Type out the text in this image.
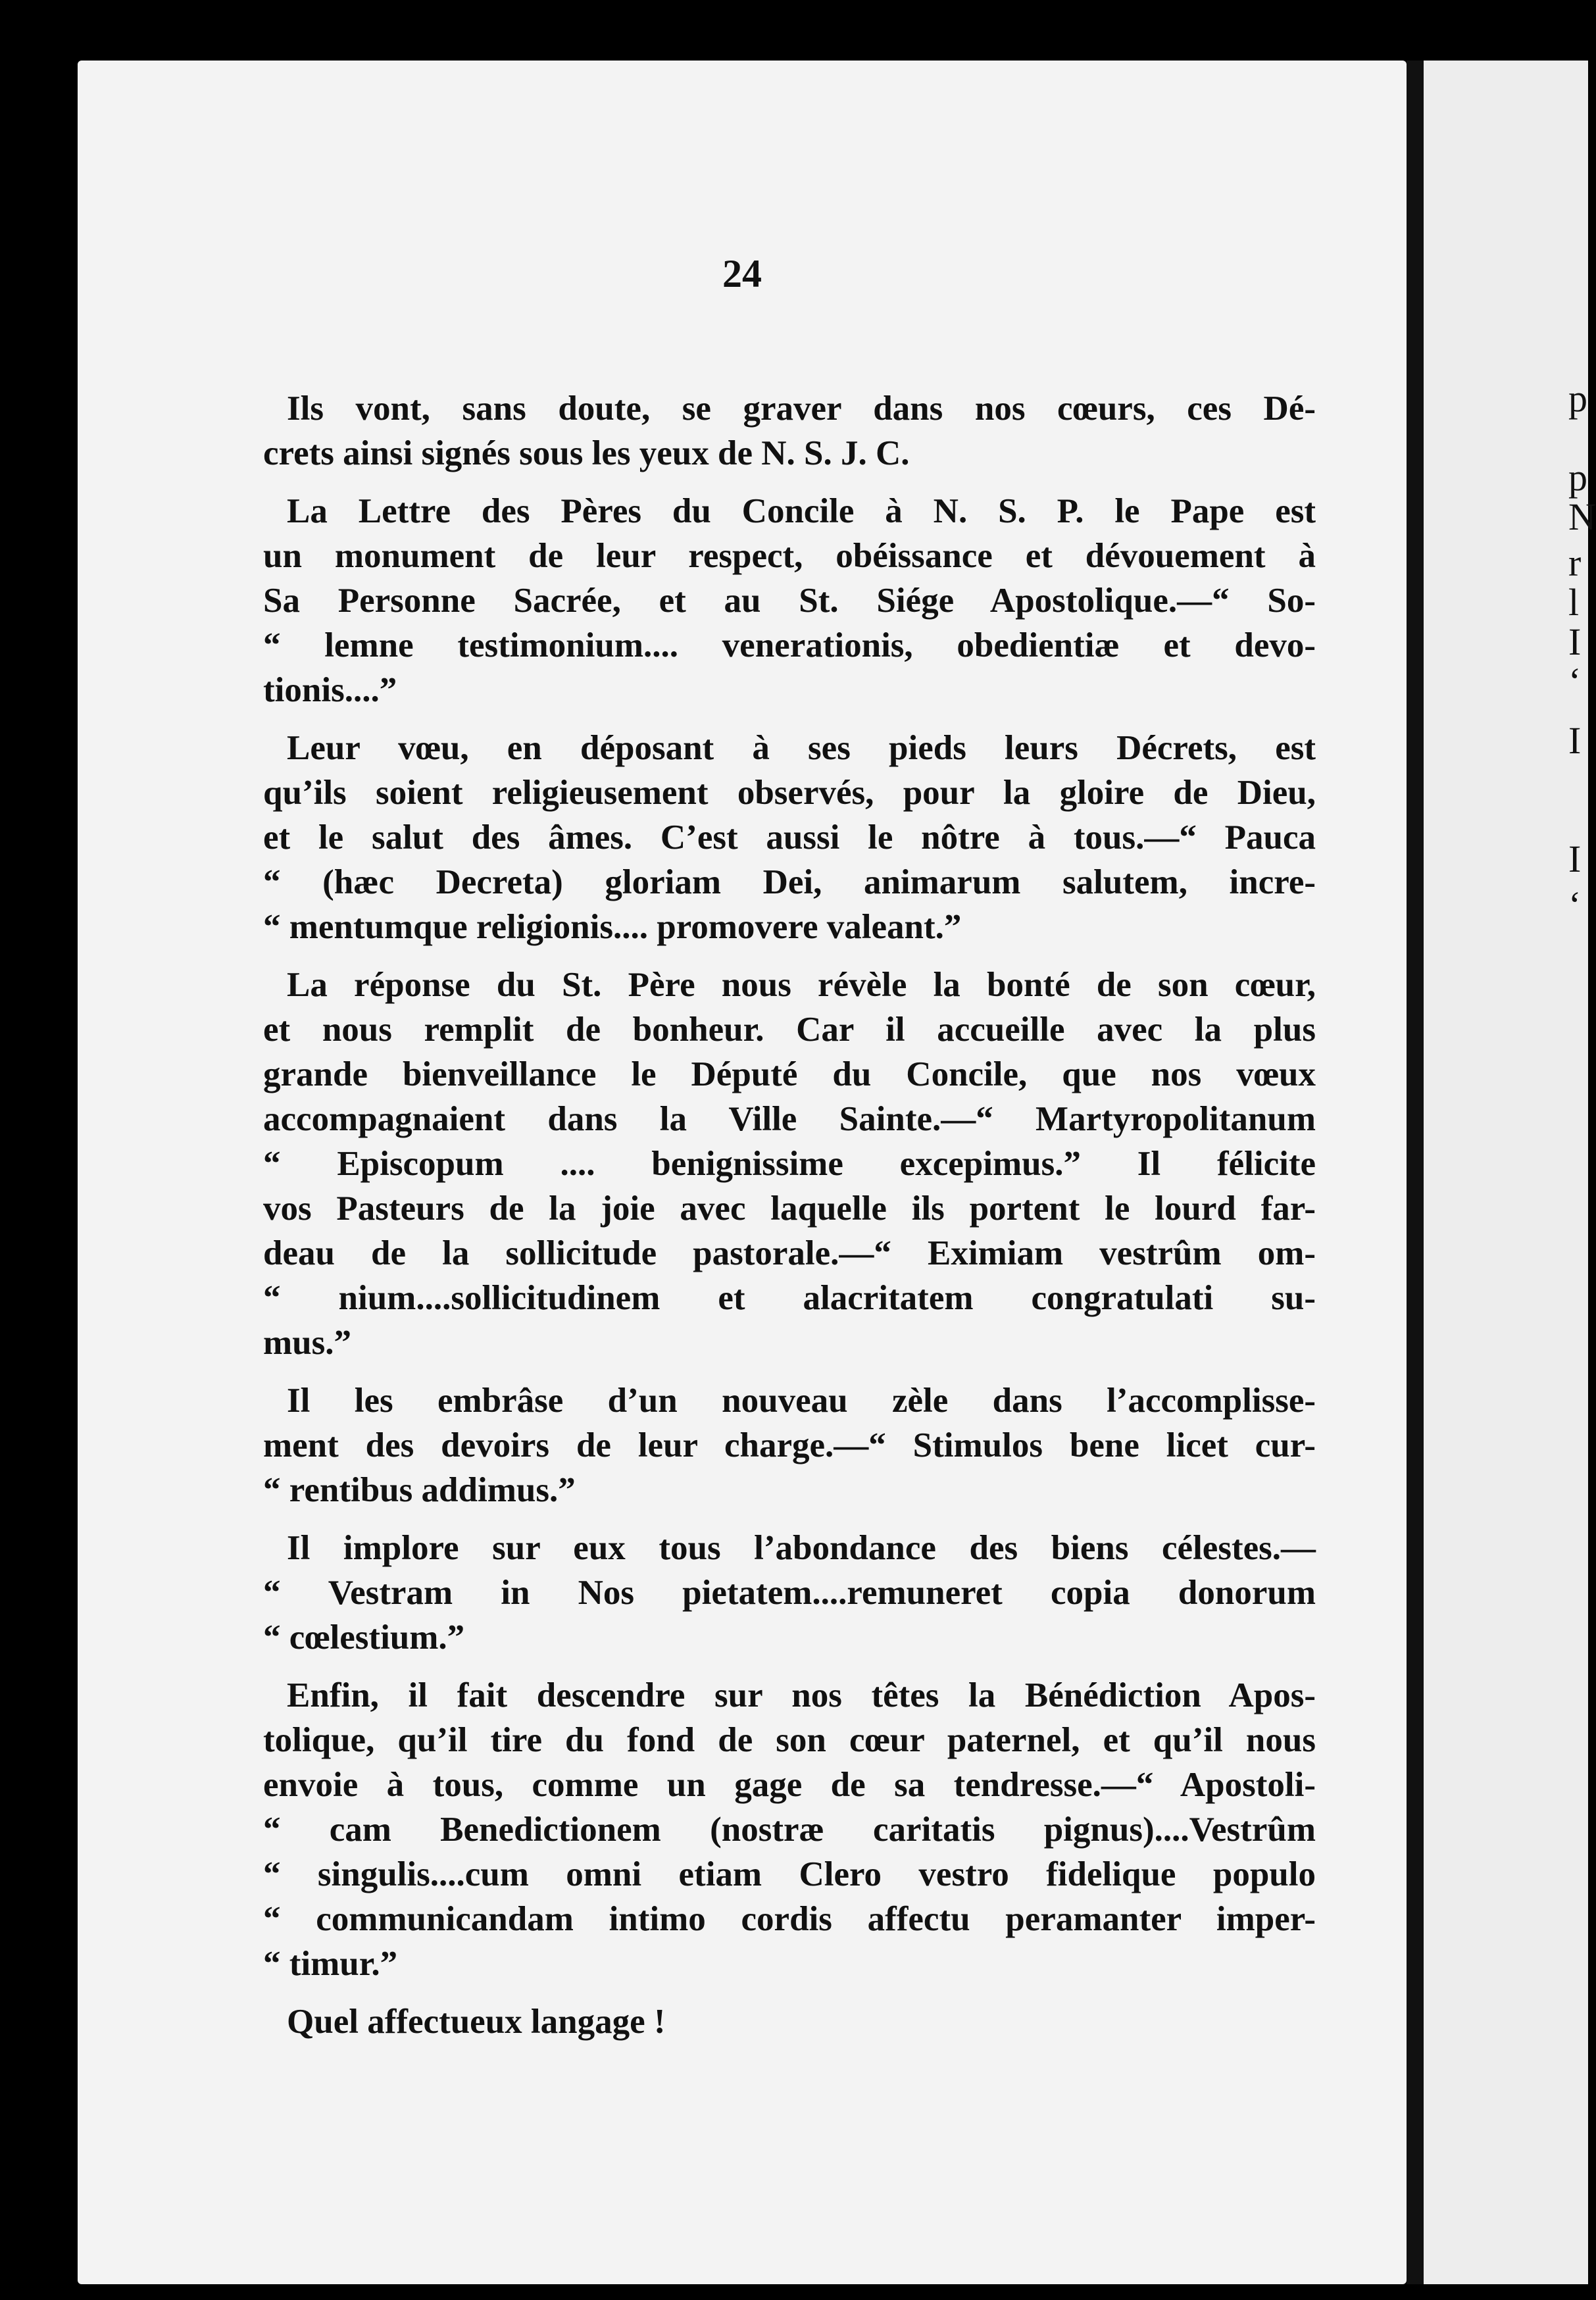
24
Ils vont, sans doute, se graver dans nos cœurs, ces Dé-
crets ainsi signés sous les yeux de N. S. J. C.
La Lettre des Pères du Concile à N. S. P. le Pape est
un monument de leur respect, obéissance et dévouement à
Sa Personne Sacrée, et au St. Siége Apostolique.—“ So-
“ lemne testimonium.... venerationis, obedientiæ et devo-
tionis....”
Leur vœu, en déposant à ses pieds leurs Décrets, est
qu’ils soient religieusement observés, pour la gloire de Dieu,
et le salut des âmes. C’est aussi le nôtre à tous.—“ Pauca
“ (hæc Decreta) gloriam Dei, animarum salutem, incre-
“ mentumque religionis.... promovere valeant.”
La réponse du St. Père nous révèle la bonté de son cœur,
et nous remplit de bonheur. Car il accueille avec la plus
grande bienveillance le Député du Concile, que nos vœux
accompagnaient dans la Ville Sainte.—“ Martyropolitanum
“ Episcopum .... benignissime excepimus.” Il félicite
vos Pasteurs de la joie avec laquelle ils portent le lourd far-
deau de la sollicitude pastorale.—“ Eximiam vestrûm om-
“ nium....sollicitudinem et alacritatem congratulati su-
mus.”
Il les embrâse d’un nouveau zèle dans l’accomplisse-
ment des devoirs de leur charge.—“ Stimulos bene licet cur-
“ rentibus addimus.”
Il implore sur eux tous l’abondance des biens célestes.—
“ Vestram in Nos pietatem....remuneret copia donorum
“ cœlestium.”
Enfin, il fait descendre sur nos têtes la Bénédiction Apos-
tolique, qu’il tire du fond de son cœur paternel, et qu’il nous
envoie à tous, comme un gage de sa tendresse.—“ Apostoli-
“ cam Benedictionem (nostræ caritatis pignus)....Vestrûm
“ singulis....cum omni etiam Clero vestro fidelique populo
“ communicandam intimo cordis affectu peramanter imper-
“ timur.”
Quel affectueux langage !
p
p
N
r
l
I
‘
I
I
‘
